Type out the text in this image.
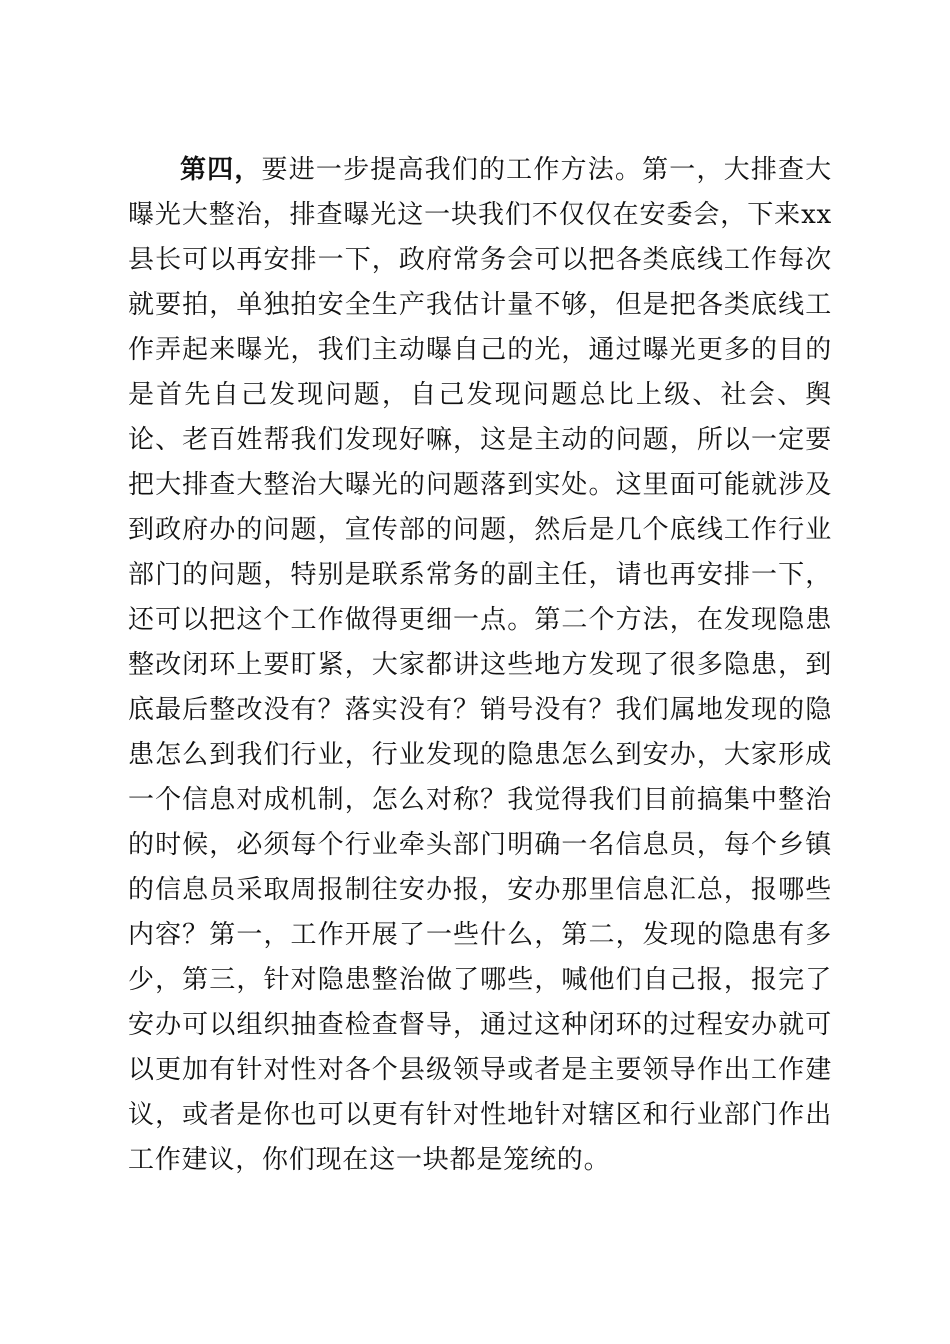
第四，要进一步提高我们的工作方法。第一，大排查大曝光大整治，排查曝光这一块我们不仅仅在安委会，下来xx县长可以再安排一下，政府常务会可以把各类底线工作每次就要拍，单独拍安全生产我估计量不够，但是把各类底线工作弄起来曝光，我们主动曝自己的光，通过曝光更多的目的是首先自己发现问题，自己发现问题总比上级、社会、舆论、老百姓帮我们发现好嘛，这是主动的问题，所以一定要把大排查大整治大曝光的问题落到实处。这里面可能就涉及到政府办的问题，宣传部的问题，然后是几个底线工作行业部门的问题，特别是联系常务的副主任，请也再安排一下，还可以把这个工作做得更细一点。第二个方法，在发现隐患整改闭环上要盯紧，大家都讲这些地方发现了很多隐患，到底最后整改没有？落实没有？销号没有？我们属地发现的隐患怎么到我们行业，行业发现的隐患怎么到安办，大家形成一个信息对成机制，怎么对称？我觉得我们目前搞集中整治的时候，必须每个行业牵头部门明确一名信息员，每个乡镇的信息员采取周报制往安办报，安办那里信息汇总，报哪些内容？第一，工作开展了一些什么，第二，发现的隐患有多少，第三，针对隐患整治做了哪些，喊他们自己报，报完了安办可以组织抽查检查督导，通过这种闭环的过程安办就可以更加有针对性对各个县级领导或者是主要领导作出工作建议，或者是你也可以更有针对性地针对辖区和行业部门作出工作建议，你们现在这一块都是笼统的。
